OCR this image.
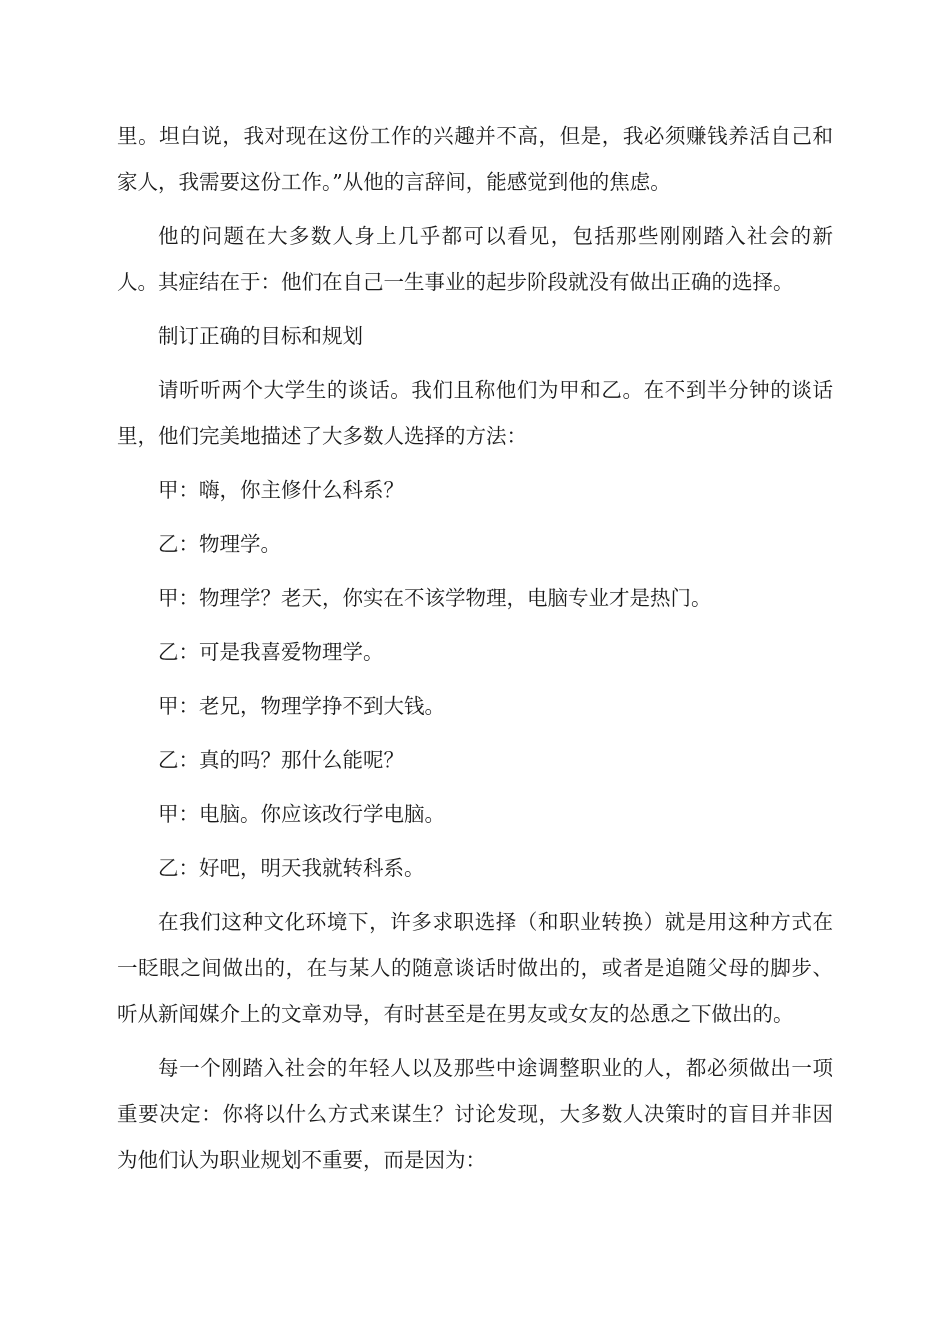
里。坦白说，我对现在这份工作的兴趣并不高，但是，我必须赚钱养活自己和家人，我需要这份工作。”从他的言辞间，能感觉到他的焦虑。

他的问题在大多数人身上几乎都可以看见，包括那些刚刚踏入社会的新人。其症结在于：他们在自己一生事业的起步阶段就没有做出正确的选择。

制订正确的目标和规划

请听听两个大学生的谈话。我们且称他们为甲和乙。在不到半分钟的谈话里，他们完美地描述了大多数人选择的方法：

甲：嗨，你主修什么科系？

乙：物理学。

甲：物理学？老天，你实在不该学物理，电脑专业才是热门。

乙：可是我喜爱物理学。

甲：老兄，物理学挣不到大钱。

乙：真的吗？那什么能呢？

甲：电脑。你应该改行学电脑。

乙：好吧，明天我就转科系。

在我们这种文化环境下，许多求职选择（和职业转换）就是用这种方式在一眨眼之间做出的，在与某人的随意谈话时做出的，或者是追随父母的脚步、听从新闻媒介上的文章劝导，有时甚至是在男友或女友的怂恿之下做出的。

每一个刚踏入社会的年轻人以及那些中途调整职业的人，都必须做出一项重要决定：你将以什么方式来谋生？讨论发现，大多数人决策时的盲目并非因为他们认为职业规划不重要，而是因为：
